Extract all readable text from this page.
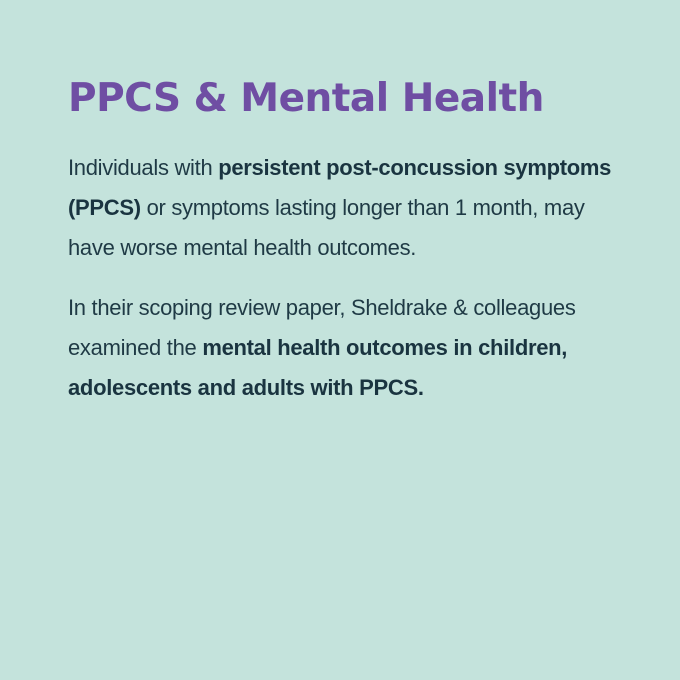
PPCS & Mental Health

Individuals with persistent post-concussion symptoms (PPCS) or symptoms lasting longer than 1 month, may have worse mental health outcomes.

In their scoping review paper, Sheldrake & colleagues examined the mental health outcomes in children, adolescents and adults with PPCS.
